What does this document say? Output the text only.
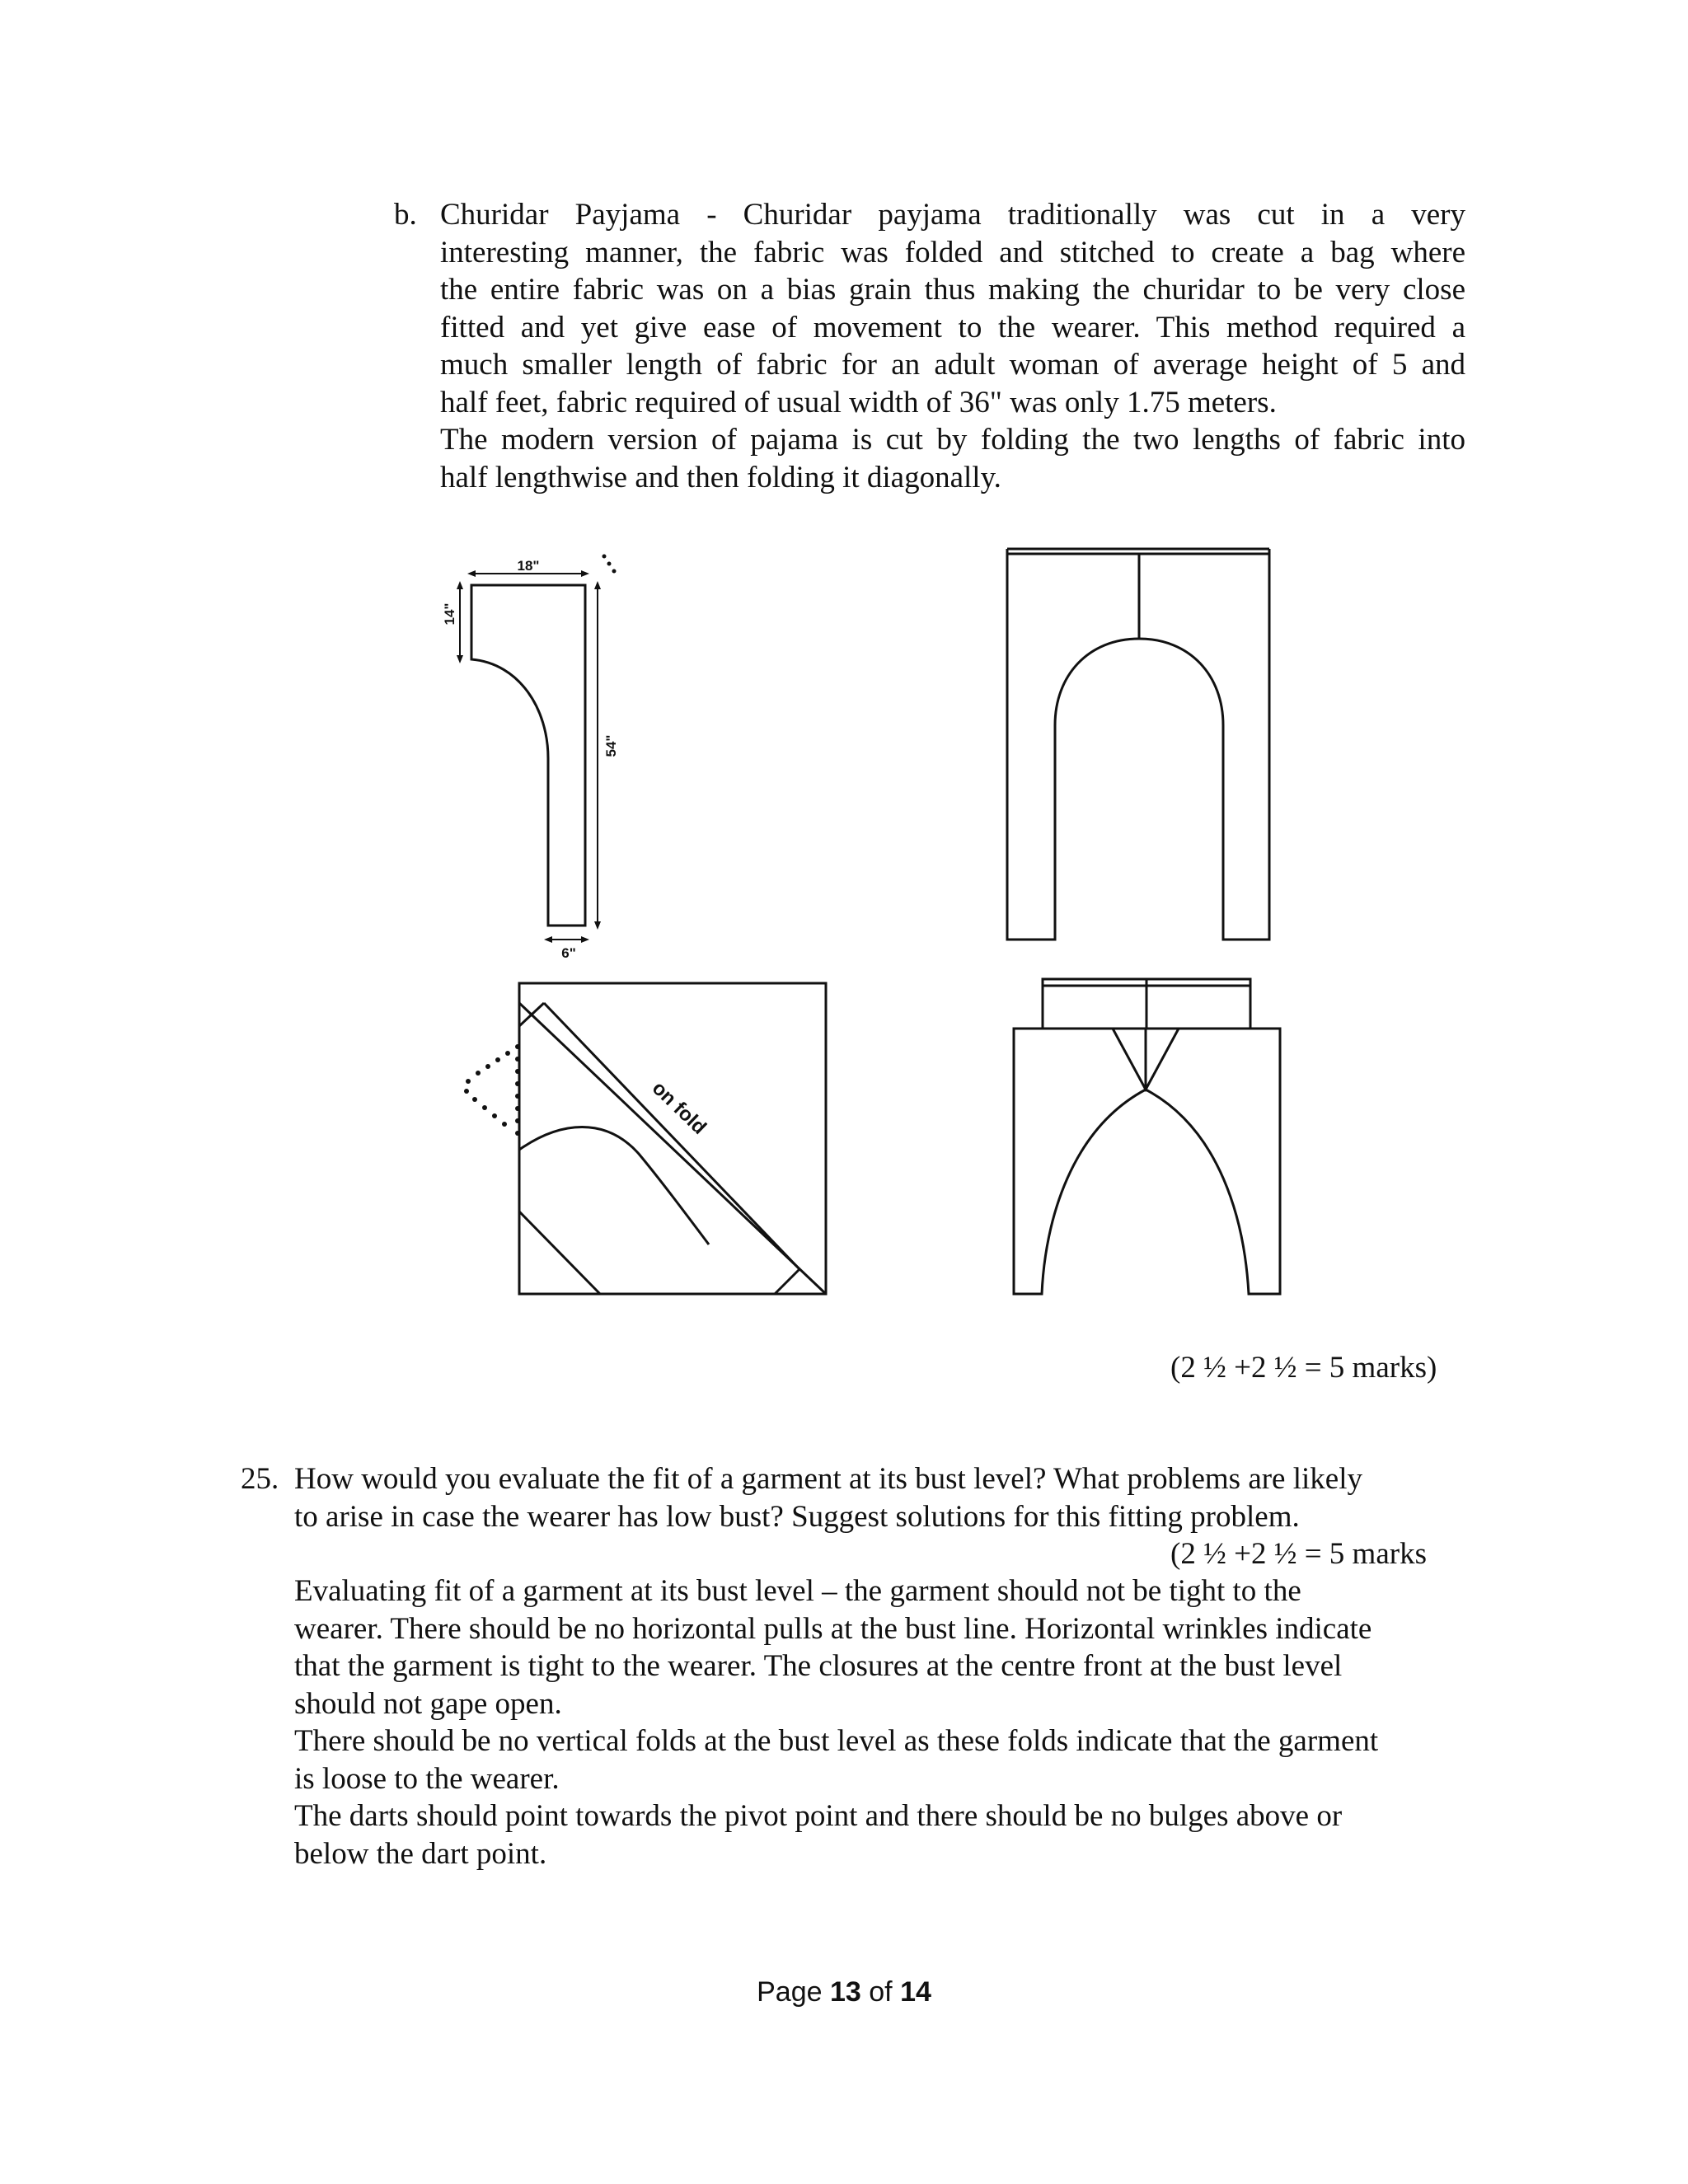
b. Churidar Payjama - Churidar payjama traditionally was cut in a very
interesting manner, the fabric was folded and stitched to create a bag where
the entire fabric was on a bias grain thus making the churidar to be very close
fitted and yet give ease of movement to the wearer. This method required a
much smaller length of fabric for an adult woman of average height of 5 and
half feet, fabric required of usual width of 36" was only 1.75 meters.
The modern version of pajama is cut by folding the two lengths of fabric into
half lengthwise and then folding it diagonally.
18"
14"
54"
6"
on fold
(2 ½ +2 ½ = 5 marks)
25. How would you evaluate the fit of a garment at its bust level? What problems are likely
to arise in case the wearer has low bust? Suggest solutions for this fitting problem.
(2 ½ +2 ½ = 5 marks
Evaluating fit of a garment at its bust level – the garment should not be tight to the
wearer. There should be no horizontal pulls at the bust line. Horizontal wrinkles indicate
that the garment is tight to the wearer. The closures at the centre front at the bust level
should not gape open.
There should be no vertical folds at the bust level as these folds indicate that the garment
is loose to the wearer.
The darts should point towards the pivot point and there should be no bulges above or
below the dart point.
Page 13 of 14
